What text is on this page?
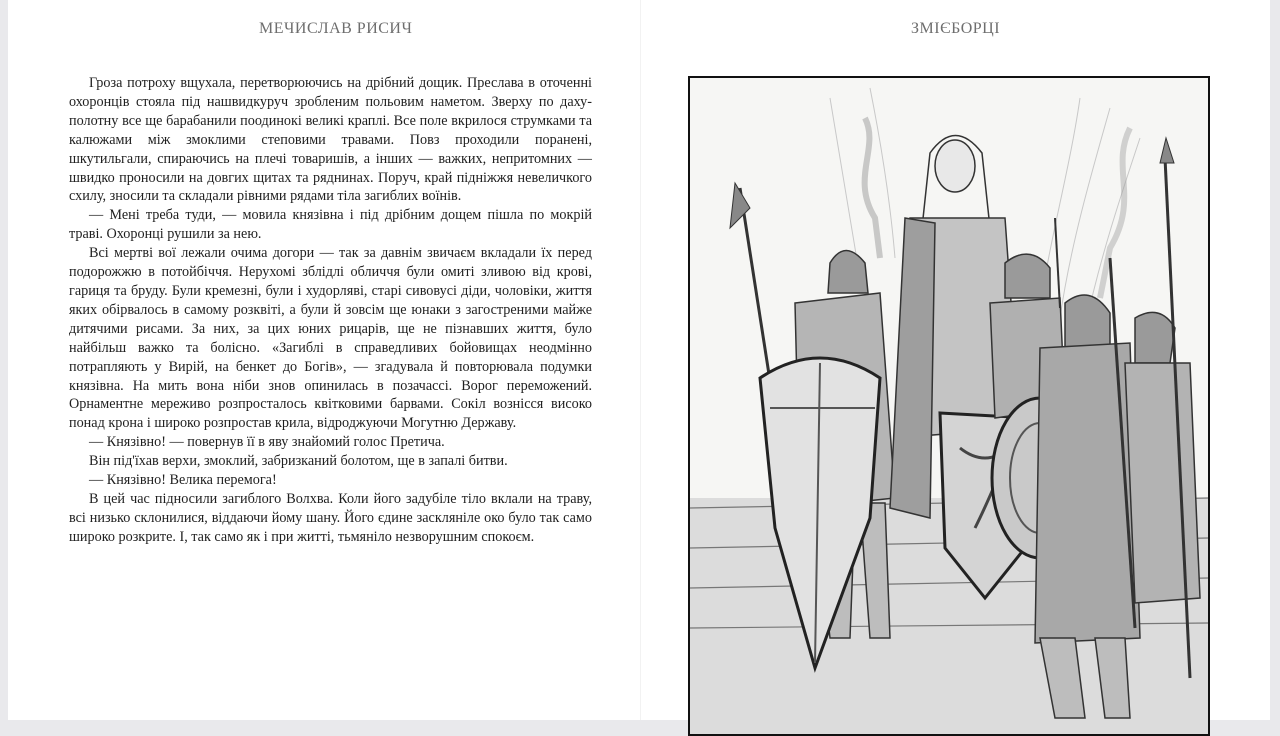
МЕЧИСЛАВ РИСИЧ	ЗМІЄБОРЦІ

Гроза потроху вщухала, перетворюючись на дрібний дощик. Преслава в оточенні охоронців стояла під нашвидкуруч зробленим польовим наметом. Зверху по даху-полотну все ще барабанили поодинокі великі краплі. Все поле вкрилося струмками та калюжами між змоклими степовими травами. Повз проходили поранені, шкутильгали, спираючись на плечі товаришів, а інших — важких, непритомних — швидко проносили на довгих щитах та ряднинах. Поруч, край підніжжя невеличкого схилу, зносили та складали рівними рядами тіла загиблих воїнів.

— Мені треба туди, — мовила князівна і під дрібним дощем пішла по мокрій траві. Охоронці рушили за нею.

Всі мертві вої лежали очима догори — так за давнім звичаєм вкладали їх перед подорожжю в потойбіччя. Нерухомі зблідлі обличчя були омиті зливою від крові, гариця та бруду. Були кремезні, були і худорляві, старі сивовусі діди, чоловіки, життя яких обірвалось в самому розквіті, а були й зовсім ще юнаки з загостреними майже дитячими рисами. За них, за цих юних рицарів, ще не пізнавших життя, було найбільш важко та болісно. «Загиблі в справедливих бойовищах неодмінно потрапляють у Вирій, на бенкет до Богів», — згадувала й повторювала подумки князівна. На мить вона ніби знов опинилась в позачассі. Ворог переможений. Орнаментне мереживо розпросталось квітковими барвами. Сокіл вознісся високо понад крона і широко розпростав крила, відроджуючи Могутню Державу.

— Князівно! — повернув її в яву знайомий голос Претича.

Він під'їхав верхи, змоклий, забризканий болотом, ще в запалі битви.

— Князівно! Велика перемога!

В цей час підносили загиблого Волхва. Коли його задубіле тіло вклали на траву, всі низько склонилися, віддаючи йому шану. Його єдине заскляніле око було так само широко розкрите. І, так само як і при житті, тьмяніло незворушним спокоєм.
